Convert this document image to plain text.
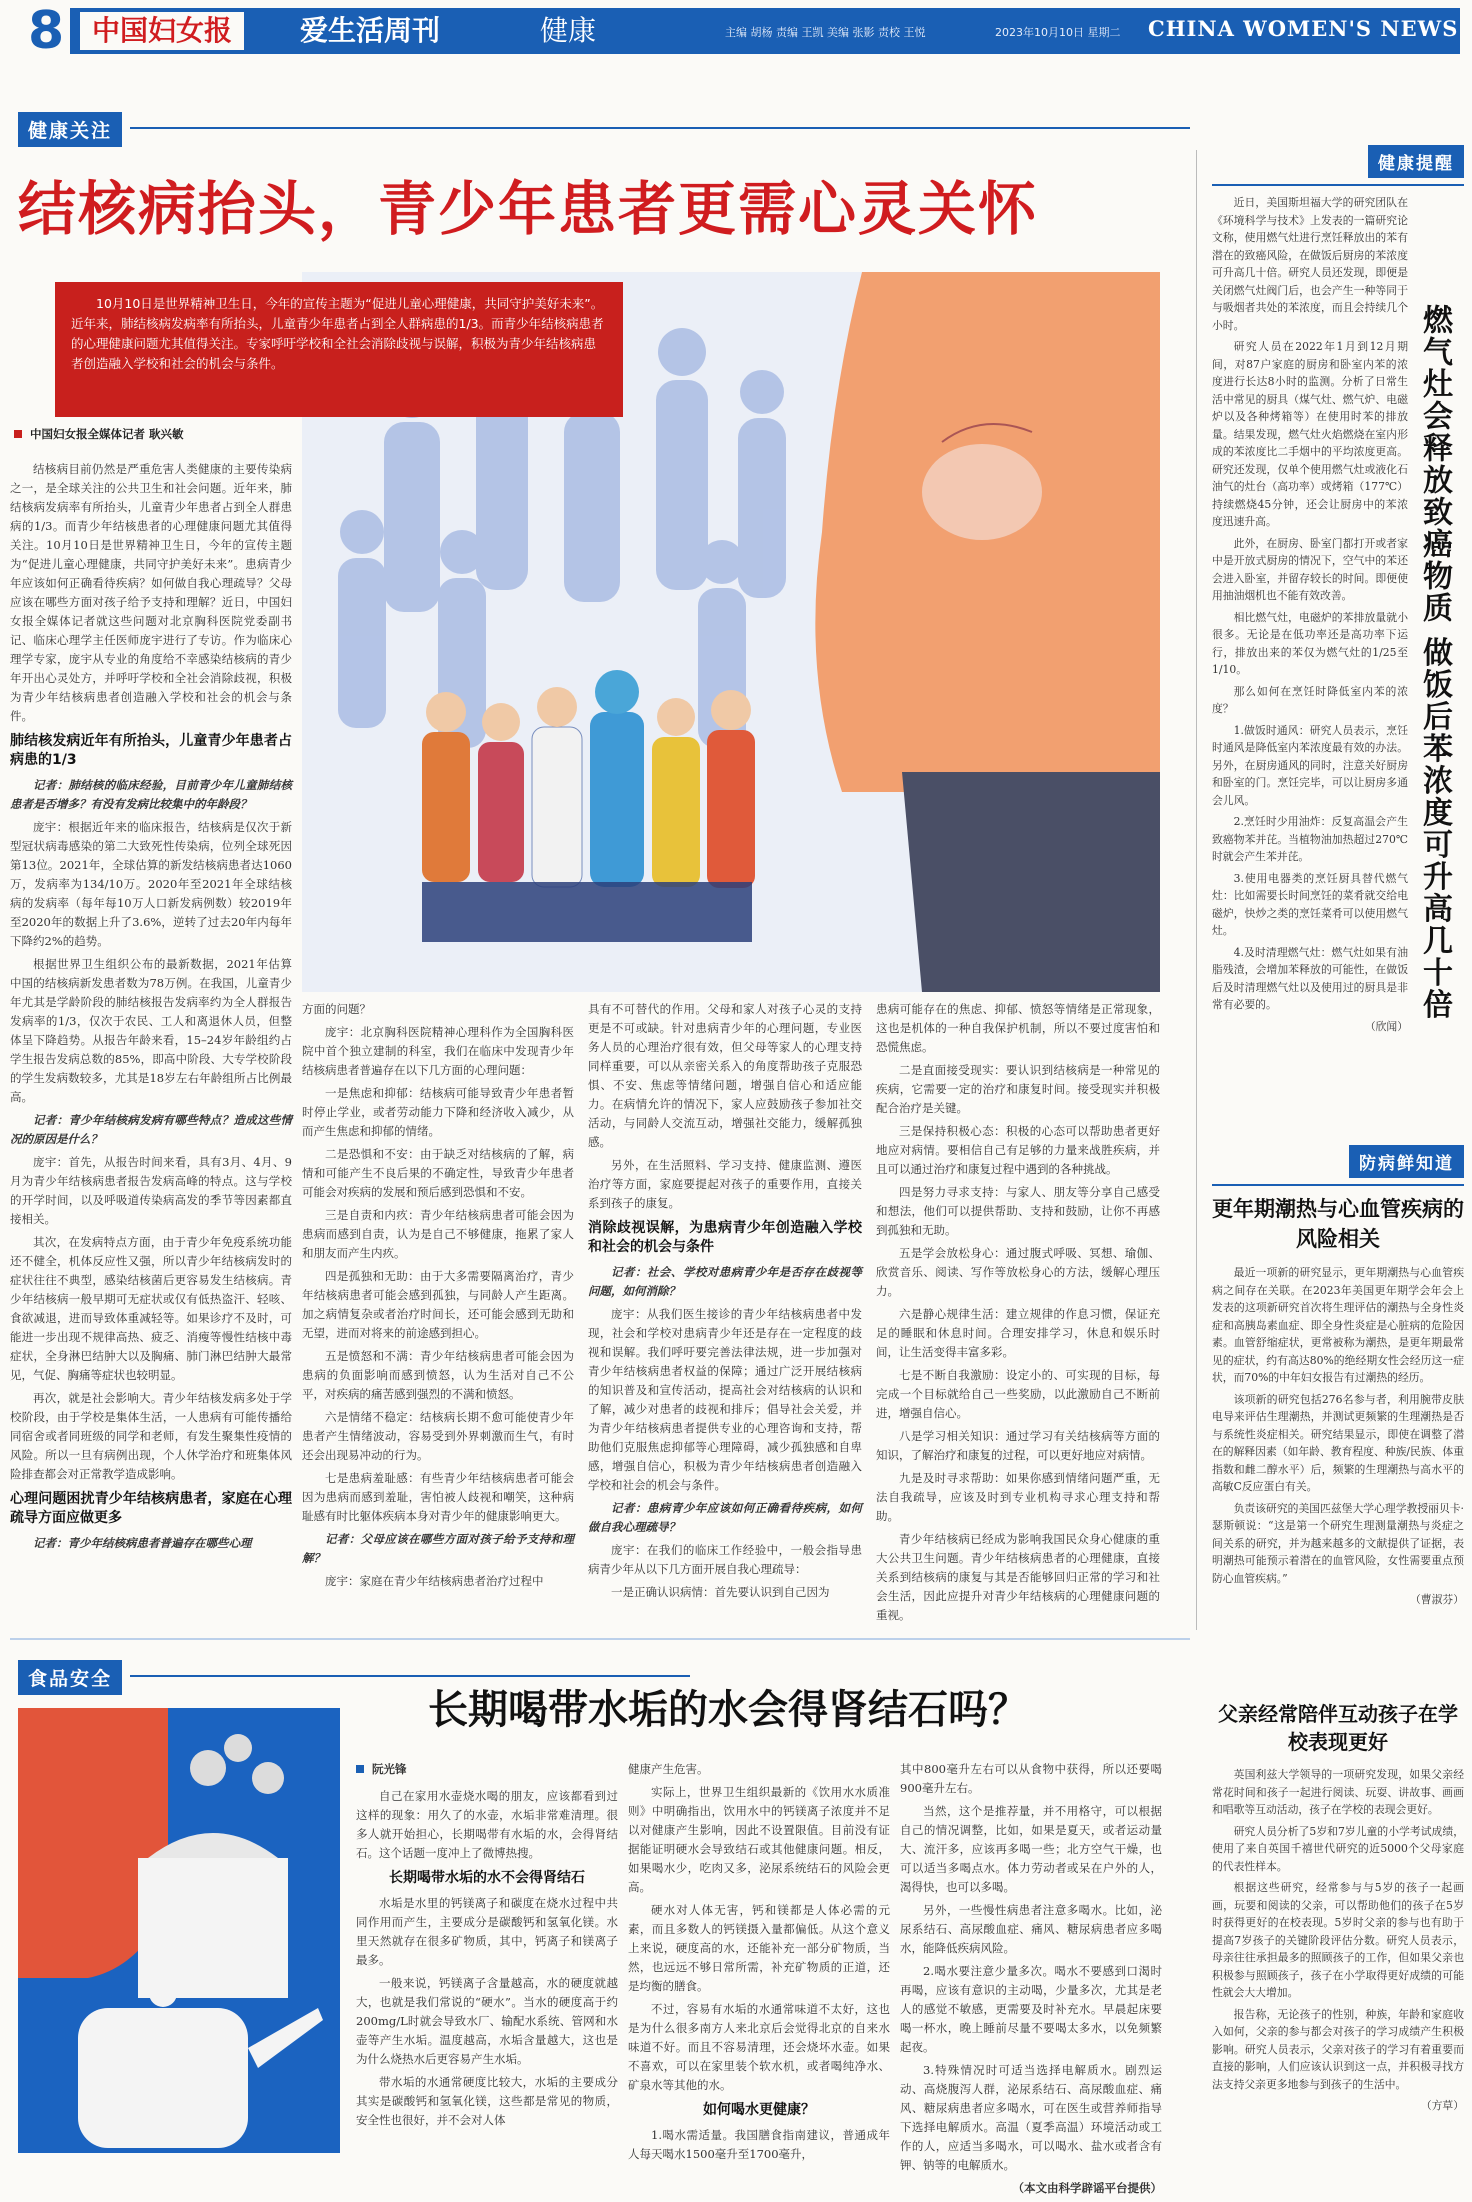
8 中国妇女报	爱生活周刊	健康	主编 胡杨 责编 王凯 美编 张影 责校 王悦	2023年10月10日 星期二 CHINA WOMEN'S NEWS
健康关注
结核病抬头，青少年患者更需心灵关怀
10月10日是世界精神卫生日，今年的宣传主题为“促进儿童心理健康，共同守护美好未来”。近年来，肺结核病发病率有所抬头，儿童青少年患者占到全人群病患的1/3。而青少年结核病患者的心理健康问题尤其值得关注。专家呼吁学校和全社会消除歧视与误解，积极为青少年结核病患者创造融入学校和社会的机会与条件。
中国妇女报全媒体记者 耿兴敏

结核病目前仍然是严重危害人类健康的主要传染病之一，是全球关注的公共卫生和社会问题。近年来，肺结核病发病率有所抬头，儿童青少年患者占到全人群患病的1/3。而青少年结核患者的心理健康问题尤其值得关注。10月10日是世界精神卫生日，今年的宣传主题为“促进儿童心理健康，共同守护美好未来”。患病青少年应该如何正确看待疾病？如何做自我心理疏导？父母应该在哪些方面对孩子给予支持和理解？近日，中国妇女报全媒体记者就这些问题对北京胸科医院党委副书记、临床心理学主任医师庞宇进行了专访。作为临床心理学专家，庞宇从专业的角度给不幸感染结核病的青少年开出心灵处方，并呼吁学校和全社会消除歧视，积极为青少年结核病患者创造融入学校和社会的机会与条件。

肺结核发病近年有所抬头，儿童青少年患者占病患的1/3

记者：肺结核的临床经验，目前青少年儿童肺结核患者是否增多？有没有发病比较集中的年龄段？

庞宇：根据近年来的临床报告，结核病是仅次于新型冠状病毒感染的第二大致死性传染病，位列全球死因第13位。2021年，全球估算的新发结核病患者达1060万，发病率为134/10万。2020年至2021年全球结核病的发病率（每年每10万人口新发病例数）较2019年至2020年的数据上升了3.6%，逆转了过去20年内每年下降约2%的趋势。

根据世界卫生组织公布的最新数据，2021年估算中国的结核病新发患者数为78万例。在我国，儿童青少年尤其是学龄阶段的肺结核报告发病率约为全人群报告发病率的1/3，仅次于农民、工人和离退休人员，但整体呈下降趋势。从报告年龄来看，15–24岁年龄组约占学生报告发病总数的85%，即高中阶段、大专学校阶段的学生发病数较多，尤其是18岁左右年龄组所占比例最高。

记者：青少年结核病发病有哪些特点？造成这些情况的原因是什么？

庞宇：首先，从报告时间来看，具有3月、4月、9月为青少年结核病患者报告发病高峰的特点。这与学校的开学时间，以及呼吸道传染病高发的季节等因素都直接相关。

其次，在发病特点方面，由于青少年免疫系统功能还不健全，机体反应性又强，所以青少年结核病发时的症状往往不典型，感染结核菌后更容易发生结核病。青少年结核病一般早期可无症状或仅有低热盗汗、轻咳、食欲减退，进而导致体重减轻等。如果诊疗不及时，可能进一步出现不规律高热、疲乏、消瘦等慢性结核中毒症状，全身淋巴结肿大以及胸痛、肺门淋巴结肿大最常见，气促、胸痛等症状也较明显。

再次，就是社会影响大。青少年结核发病多处于学校阶段，由于学校是集体生活，一人患病有可能传播给同宿舍或者同班级的同学和老师，有发生聚集性疫情的风险。所以一旦有病例出现，个人休学治疗和班集体风险排查都会对正常教学造成影响。

心理问题困扰青少年结核病患者，家庭在心理疏导方面应做更多

记者：青少年结核病患者普遍存在哪些心理

方面的问题？

庞宇：北京胸科医院精神心理科作为全国胸科医院中首个独立建制的科室，我们在临床中发现青少年结核病患者普遍存在以下几方面的心理问题：

一是焦虑和抑郁：结核病可能导致青少年患者暂时停止学业，或者劳动能力下降和经济收入减少，从而产生焦虑和抑郁的情绪。

二是恐惧和不安：由于缺乏对结核病的了解，病情和可能产生不良后果的不确定性，导致青少年患者可能会对疾病的发展和预后感到恐惧和不安。

三是自责和内疚：青少年结核病患者可能会因为患病而感到自责，认为是自己不够健康，拖累了家人和朋友而产生内疚。

四是孤独和无助：由于大多需要隔离治疗，青少年结核病患者可能会感到孤独，与同龄人产生距离。加之病情复杂或者治疗时间长，还可能会感到无助和无望，进而对将来的前途感到担心。

五是愤怒和不满：青少年结核病患者可能会因为患病的负面影响而感到愤怒，认为生活对自己不公平，对疾病的痛苦感到强烈的不满和愤怒。

六是情绪不稳定：结核病长期不愈可能使青少年患者产生情绪波动，容易受到外界刺激而生气，有时还会出现易冲动的行为。

七是患病羞耻感：有些青少年结核病患者可能会因为患病而感到羞耻，害怕被人歧视和嘲笑，这种病耻感有时比躯体疾病本身对青少年的健康影响更大。

记者：父母应该在哪些方面对孩子给予支持和理解？

庞宇：家庭在青少年结核病患者治疗过程中

具有不可替代的作用。父母和家人对孩子心灵的支持更是不可或缺。针对患病青少年的心理问题，专业医务人员的心理治疗很有效，但父母等家人的心理支持同样重要，可以从亲密关系入的角度帮助孩子克服恐惧、不安、焦虑等情绪问题，增强自信心和适应能力。在病情允许的情况下，家人应鼓励孩子参加社交活动，与同龄人交流互动，增强社交能力，缓解孤独感。

另外，在生活照料、学习支持、健康监测、遵医治疗等方面，家庭要提起对孩子的重要作用，直接关系到孩子的康复。

消除歧视误解，为患病青少年创造融入学校和社会的机会与条件

记者：社会、学校对患病青少年是否存在歧视等问题，如何消除？

庞宇：从我们医生接诊的青少年结核病患者中发现，社会和学校对患病青少年还是存在一定程度的歧视和误解。我们呼吁要完善法律法规，进一步加强对青少年结核病患者权益的保障；通过广泛开展结核病的知识普及和宣传活动，提高社会对结核病的认识和了解，减少对患者的歧视和排斥；倡导社会关爱，并为青少年结核病患者提供专业的心理咨询和支持，帮助他们克服焦虑抑郁等心理障碍，减少孤独感和自卑感，增强自信心，积极为青少年结核病患者创造融入学校和社会的机会与条件。

记者：患病青少年应该如何正确看待疾病，如何做自我心理疏导？

庞宇：在我们的临床工作经验中，一般会指导患病青少年从以下几方面开展自我心理疏导：

一是正确认识病情：首先要认识到自己因为

患病可能存在的焦虑、抑郁、愤怒等情绪是正常现象，这也是机体的一种自我保护机制，所以不要过度害怕和恐慌焦虑。

二是直面接受现实：要认识到结核病是一种常见的疾病，它需要一定的治疗和康复时间。接受现实并积极配合治疗是关键。

三是保持积极心态：积极的心态可以帮助患者更好地应对病情。要相信自己有足够的力量来战胜疾病，并且可以通过治疗和康复过程中遇到的各种挑战。

四是努力寻求支持：与家人、朋友等分享自己感受和想法，他们可以提供帮助、支持和鼓励，让你不再感到孤独和无助。

五是学会放松身心：通过腹式呼吸、冥想、瑜伽、欣赏音乐、阅读、写作等放松身心的方法，缓解心理压力。

六是静心规律生活：建立规律的作息习惯，保证充足的睡眠和休息时间。合理安排学习，休息和娱乐时间，让生活变得丰富多彩。

七是不断自我激励：设定小的、可实现的目标，每完成一个目标就给自己一些奖励，以此激励自己不断前进，增强自信心。

八是学习相关知识：通过学习有关结核病等方面的知识，了解治疗和康复的过程，可以更好地应对病情。

九是及时寻求帮助：如果你感到情绪问题严重，无法自我疏导，应该及时到专业机构寻求心理支持和帮助。

青少年结核病已经成为影响我国民众身心健康的重大公共卫生问题。青少年结核病患者的心理健康，直接关系到结核病的康复与其是否能够回归正常的学习和社会生活，因此应提升对青少年结核病的心理健康问题的重视。

健康提醒

近日，美国斯坦福大学的研究团队在《环境科学与技术》上发表的一篇研究论文称，使用燃气灶进行烹饪释放出的苯有潜在的致癌风险，在做饭后厨房的苯浓度可升高几十倍。研究人员还发现，即便是关闭燃气灶阀门后，也会产生一种等同于与吸烟者共处的苯浓度，而且会持续几个小时。

研究人员在2022年1月到12月期间，对87户家庭的厨房和卧室内苯的浓度进行长达8小时的监测。分析了日常生活中常见的厨具（煤气灶、燃气炉、电磁炉以及各种烤箱等）在使用时苯的排放量。结果发现，燃气灶火焰燃烧在室内形成的苯浓度比二手烟中的平均浓度更高。研究还发现，仅单个使用燃气灶或液化石油气的灶台（高功率）或烤箱（177℃）持续燃烧45分钟，还会让厨房中的苯浓度迅速升高。

此外，在厨房、卧室门都打开或者家中是开放式厨房的情况下，空气中的苯还会进入卧室，并留存较长的时间。即便使用抽油烟机也不能有效改善。

相比燃气灶，电磁炉的苯排放量就小很多。无论是在低功率还是高功率下运行，排放出来的苯仅为燃气灶的1/25至1/10。

那么如何在烹饪时降低室内苯的浓度？

1.做饭时通风：研究人员表示，烹饪时通风是降低室内苯浓度最有效的办法。另外，在厨房通风的同时，注意关好厨房和卧室的门。烹饪完毕，可以让厨房多通会儿风。

2.烹饪时少用油炸：反复高温会产生致癌物苯并芘。当植物油加热超过270℃时就会产生苯并芘。

3.使用电器类的烹饪厨具替代燃气灶：比如需要长时间烹饪的菜肴就交给电磁炉，快炒之类的烹饪菜肴可以使用燃气灶。

4.及时清理燃气灶：燃气灶如果有油脂残渣，会增加苯释放的可能性，在做饭后及时清理燃气灶以及使用过的厨具是非常有必要的。

（欣闻）

燃气灶会释放致癌物质 做饭后苯浓度可升高几十倍
防病鲜知道
更年期潮热与心血管疾病的风险相关

最近一项新的研究显示，更年期潮热与心血管疾病之间存在关联。在2023年美国更年期学会年会上发表的这项新研究首次将生理评估的潮热与全身性炎症和高胰岛素血症、即全身性炎症是心脏病的危险因素。血管舒缩症状，更常被称为潮热，是更年期最常见的症状，约有高达80%的绝经期女性会经历这一症状，而70%的中年妇女报告有过潮热的经历。

该项新的研究包括276名参与者，利用腕带皮肤电导来评估生理潮热，并测试更频繁的生理潮热是否与系统性炎症相关。研究结果显示，即使在调整了潜在的解释因素（如年龄、教育程度、种族/民族、体重指数和雌二醇水平）后，频繁的生理潮热与高水平的高敏C反应蛋白有关。

负责该研究的美国匹兹堡大学心理学教授丽贝卡·瑟斯顿说：“这是第一个研究生理测量潮热与炎症之间关系的研究，并为越来越多的文献提供了证据，表明潮热可能预示着潜在的血管风险，女性需要重点预防心血管疾病。”

（曹淑芬）

食品安全
长期喝带水垢的水会得肾结石吗？
阮光锋

自己在家用水壶烧水喝的朋友，应该都看到过这样的现象：用久了的水壶，水垢非常难清理。很多人就开始担心，长期喝带有水垢的水，会得肾结石。这个话题一度冲上了微博热搜。

长期喝带水垢的水不会得肾结石

水垢是水里的钙镁离子和碳度在烧水过程中共同作用而产生，主要成分是碳酸钙和氢氧化镁。水里天然就存在很多矿物质，其中，钙离子和镁离子最多。

一般来说，钙镁离子含量越高，水的硬度就越大，也就是我们常说的“硬水”。当水的硬度高于约200mg/L时就会导致水厂、输配水系统、管网和水壶等产生水垢。温度越高，水垢含量越大，这也是为什么烧热水后更容易产生水垢。

带水垢的水通常硬度比较大，水垢的主要成分其实是碳酸钙和氢氧化镁，这些都是常见的物质，安全性也很好，并不会对人体

健康产生危害。

实际上，世界卫生组织最新的《饮用水水质准则》中明确指出，饮用水中的钙镁离子浓度并不足以对健康产生影响，因此不设置限值。目前没有证据能证明硬水会导致结石或其他健康问题。相反，如果喝水少，吃肉又多，泌尿系统结石的风险会更高。

硬水对人体无害，钙和镁都是人体必需的元素，而且多数人的钙镁摄入量都偏低。从这个意义上来说，硬度高的水，还能补充一部分矿物质，当然，也远远不够日常所需，补充矿物质的正道，还是均衡的膳食。

不过，容易有水垢的水通常味道不太好，这也是为什么很多南方人来北京后会觉得北京的自来水味道不好。而且不容易清理，还会烧坏水壶。如果不喜欢，可以在家里装个软水机，或者喝纯净水、矿泉水等其他的水。

如何喝水更健康？

1.喝水需适量。我国膳食指南建议，普通成年人每天喝水1500毫升至1700毫升，

其中800毫升左右可以从食物中获得，所以还要喝900毫升左右。

当然，这个是推荐量，并不用格守，可以根据自己的情况调整，比如，如果是夏天，或者运动量大、流汗多，应该再多喝一些；北方空气干燥，也可以适当多喝点水。体力劳动者或呆在户外的人，渴得快，也可以多喝。

另外，一些慢性病患者注意多喝水。比如，泌尿系结石、高尿酸血症、痛风、糖尿病患者应多喝水，能降低疾病风险。

2.喝水要注意少量多次。喝水不要感到口渴时再喝，应该有意识的主动喝，少量多次，尤其是老人的感觉不敏感，更需要及时补充水。早晨起床要喝一杯水，晚上睡前尽量不要喝太多水，以免频繁起夜。

3.特殊情况时可适当选择电解质水。剧烈运动、高烧腹泻人群，泌尿系结石、高尿酸血症、痛风、糖尿病患者应多喝水，可在医生或营养师指导下选择电解质水。高温（夏季高温）环境活动或工作的人，应适当多喝水，可以喝水、盐水或者含有钾、钠等的电解质水。

（本文由科学辟谣平台提供）

父亲经常陪伴互动孩子在学校表现更好

英国利兹大学领导的一项研究发现，如果父亲经常花时间和孩子一起进行阅读、玩耍、讲故事、画画和唱歌等互动活动，孩子在学校的表现会更好。

研究人员分析了5岁和7岁儿童的小学考试成绩，使用了来自英国千禧世代研究的近5000个父母家庭的代表性样本。

根据这些研究，经常参与与5岁的孩子一起画画，玩要和阅读的父亲，可以帮助他们的孩子在5岁时获得更好的在校表现。5岁时父亲的参与也有助于提高7岁孩子的关键阶段评估分数。研究人员表示，母亲往往承担最多的照顾孩子的工作，但如果父亲也积极参与照顾孩子，孩子在小学取得更好成绩的可能性就会大大增加。

报告称，无论孩子的性别，种族，年龄和家庭收入如何，父亲的参与都会对孩子的学习成绩产生积极影响。研究人员表示，父亲对孩子的学习有着重要而直接的影响，人们应该认识到这一点，并积极寻找方法支持父亲更多地参与到孩子的生活中。

（方草）
